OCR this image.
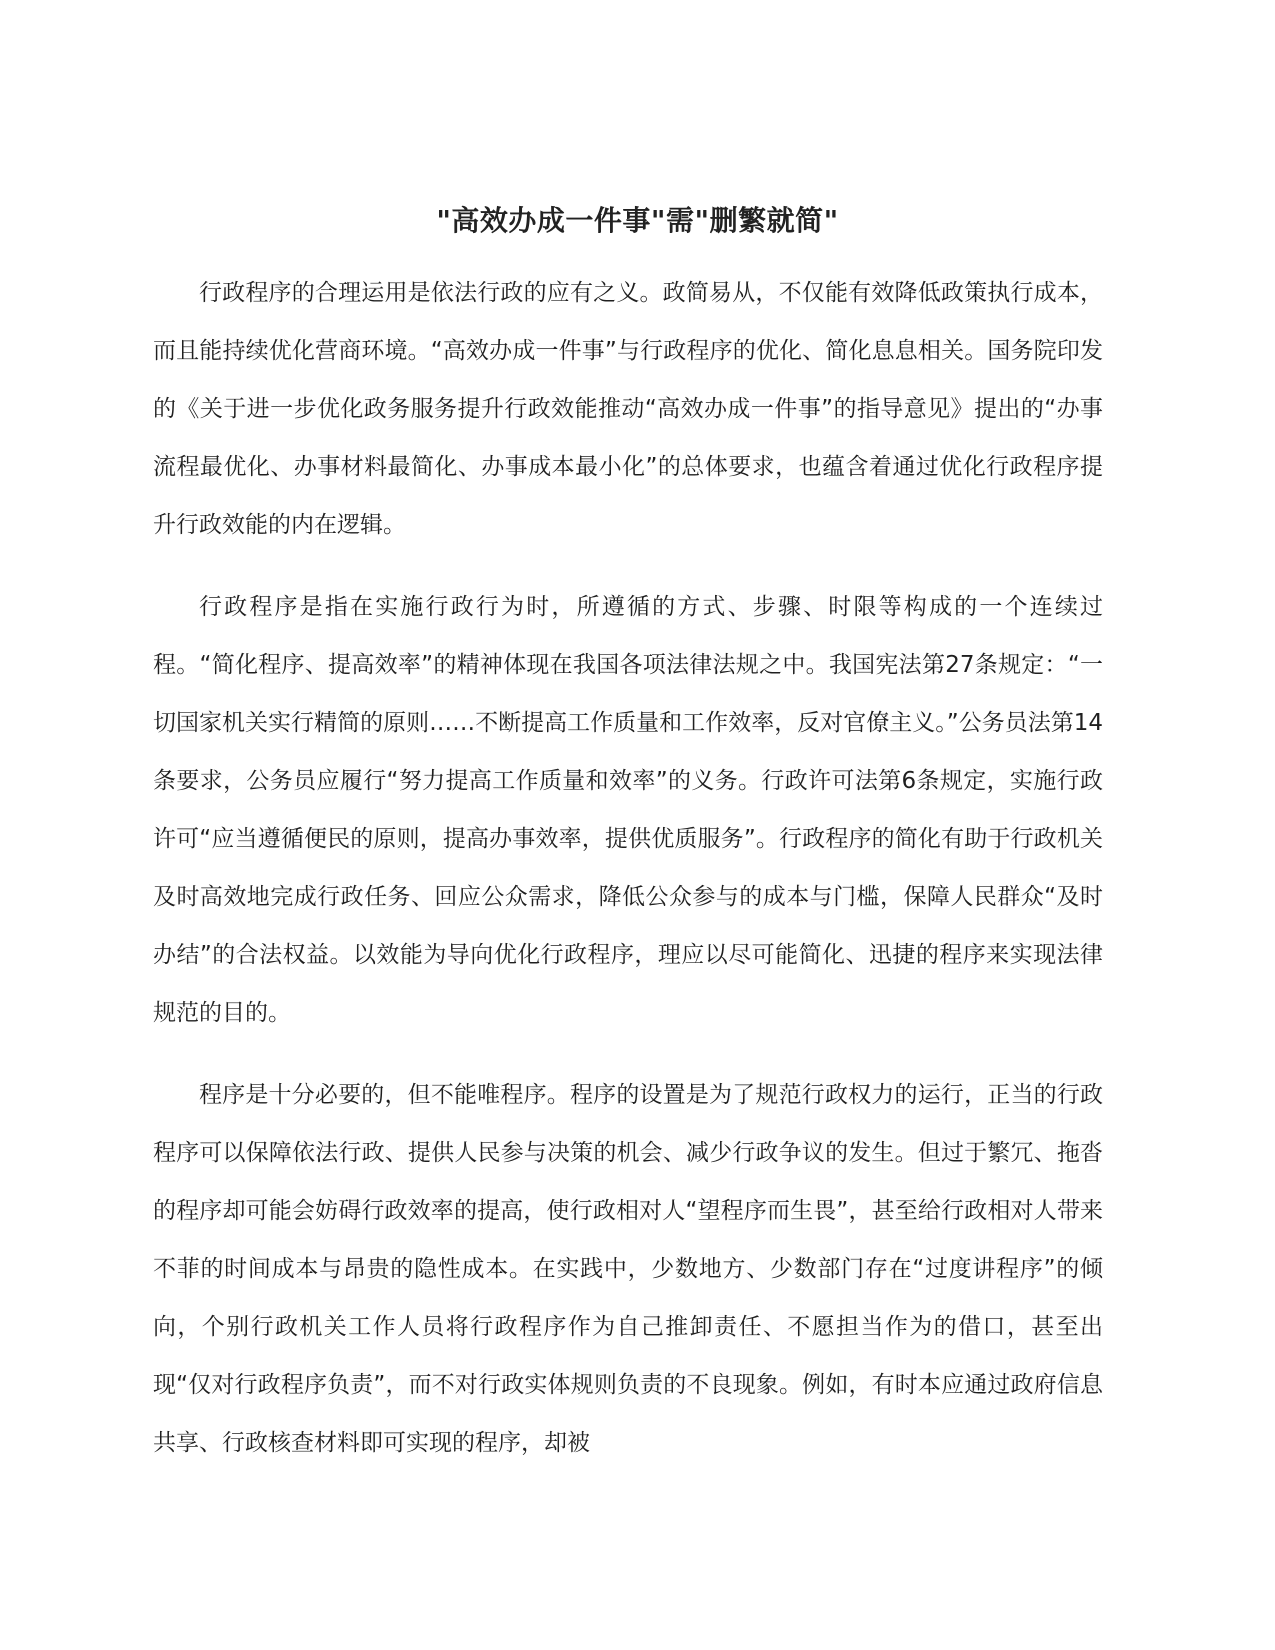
"高效办成一件事"需"删繁就简"

行政程序的合理运用是依法行政的应有之义。政简易从，不仅能有效降低政策执行成本，而且能持续优化营商环境。“高效办成一件事”与行政程序的优化、简化息息相关。国务院印发的《关于进一步优化政务服务提升行政效能推动“高效办成一件事”的指导意见》提出的“办事流程最优化、办事材料最简化、办事成本最小化”的总体要求，也蕴含着通过优化行政程序提升行政效能的内在逻辑。

行政程序是指在实施行政行为时，所遵循的方式、步骤、时限等构成的一个连续过程。“简化程序、提高效率”的精神体现在我国各项法律法规之中。我国宪法第27条规定：“一切国家机关实行精简的原则……不断提高工作质量和工作效率，反对官僚主义。”公务员法第14条要求，公务员应履行“努力提高工作质量和效率”的义务。行政许可法第6条规定，实施行政许可“应当遵循便民的原则，提高办事效率，提供优质服务”。行政程序的简化有助于行政机关及时高效地完成行政任务、回应公众需求，降低公众参与的成本与门槛，保障人民群众“及时办结”的合法权益。以效能为导向优化行政程序，理应以尽可能简化、迅捷的程序来实现法律规范的目的。

程序是十分必要的，但不能唯程序。程序的设置是为了规范行政权力的运行，正当的行政程序可以保障依法行政、提供人民参与决策的机会、减少行政争议的发生。但过于繁冗、拖沓的程序却可能会妨碍行政效率的提高，使行政相对人“望程序而生畏”，甚至给行政相对人带来不菲的时间成本与昂贵的隐性成本。在实践中，少数地方、少数部门存在“过度讲程序”的倾向，个别行政机关工作人员将行政程序作为自己推卸责任、不愿担当作为的借口，甚至出现“仅对行政程序负责”，而不对行政实体规则负责的不良现象。例如，有时本应通过政府信息共享、行政核查材料即可实现的程序，却被
